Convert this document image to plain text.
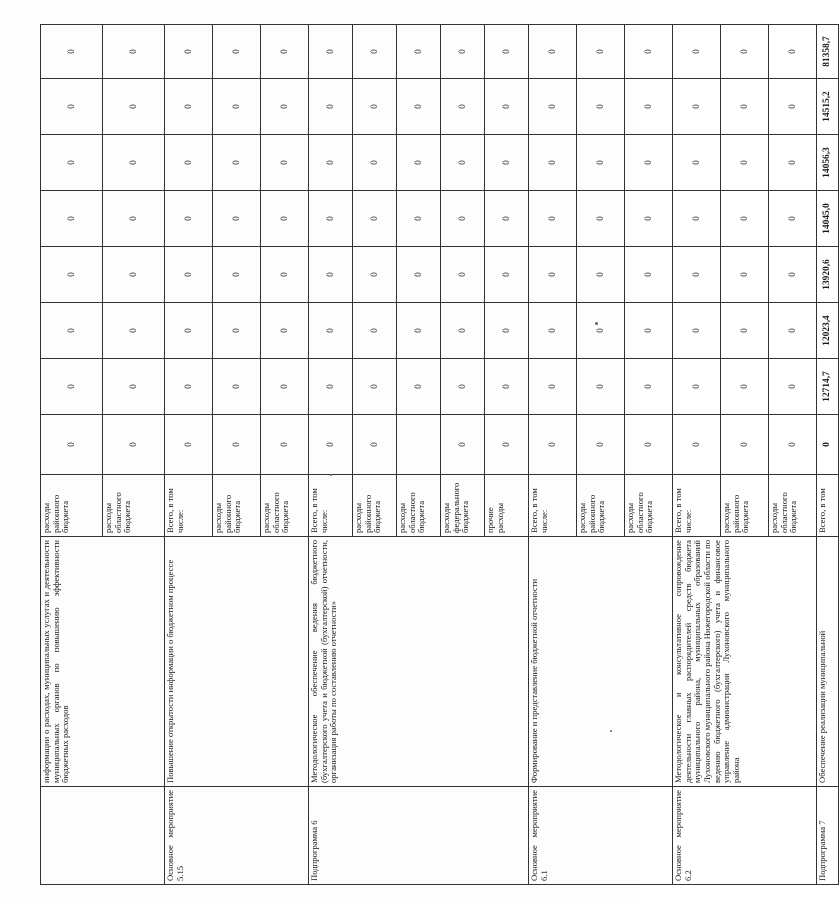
	информации о расходах, муниципальных услугах и деятельности муниципальных органов по повышению эффективности бюджетных расходов	расходы районного бюджета	0	0	0	0	0	0	0	0
		расходы областного бюджета	0	0	0	0	0	0	0	0
Основное мероприятие 5.15	Повышение открытости информации о бюджетном процессе	Всего, в том числе:	0	0	0	0	0	0	0	0
		расходы районного бюджета	0	0	0	0	0	0	0	0
		расходы областного бюджета	0	0	0	0	0	0	0	0
Подпрограмма 6	Методологическое обеспечение ведения бюджетного (бухгалтерского учета и бюджетной (бухгалтерской) отчетности, организация работы по составлению отчетности»	Всего, в том числе:	0	0	0	0	0	0	0	0
		расходы районного бюджета	0	0	0	0	0	0	0	0
		расходы областного бюджета		0	0	0	0	0	0	0
		расходы федерального бюджета	0	0	0	0	0	0	0	0
		прочие расходы	0	0	0	0	0	0	0	0
Основное мероприятие 6.1	Формирование и представление бюджетной отчетности	Всего, в том числе:	0	0	0	0	0	0	0	0
		расходы районного бюджета	0	0	0	0	0	0	0	0
		расходы областного бюджета	0	0	0	0	0	0	0	0
Основное мероприятие 6.2	Методологическое и консультативное сопровождение деятельности главных распорядителей средств бюджета муниципального района, муниципальных образований Лухоновского муниципального района Нижегородской области по ведению бюджетного (бухгалтерского) учета и финансовое управление администрации Лухоновского муниципального района	Всего, в том числе:	0	0	0	0	0	0	0	0
		расходы районного бюджета	0	0	0	0	0	0	0	0
		расходы областного бюджета	0	0	0	0	0	0	0	0
Подпрограмма 7	Обеспечение реализации муниципальной	Всего, в том	0	12714,7	12023,4	13920,6	14045,0	14056,3	14515,2	81358,7
